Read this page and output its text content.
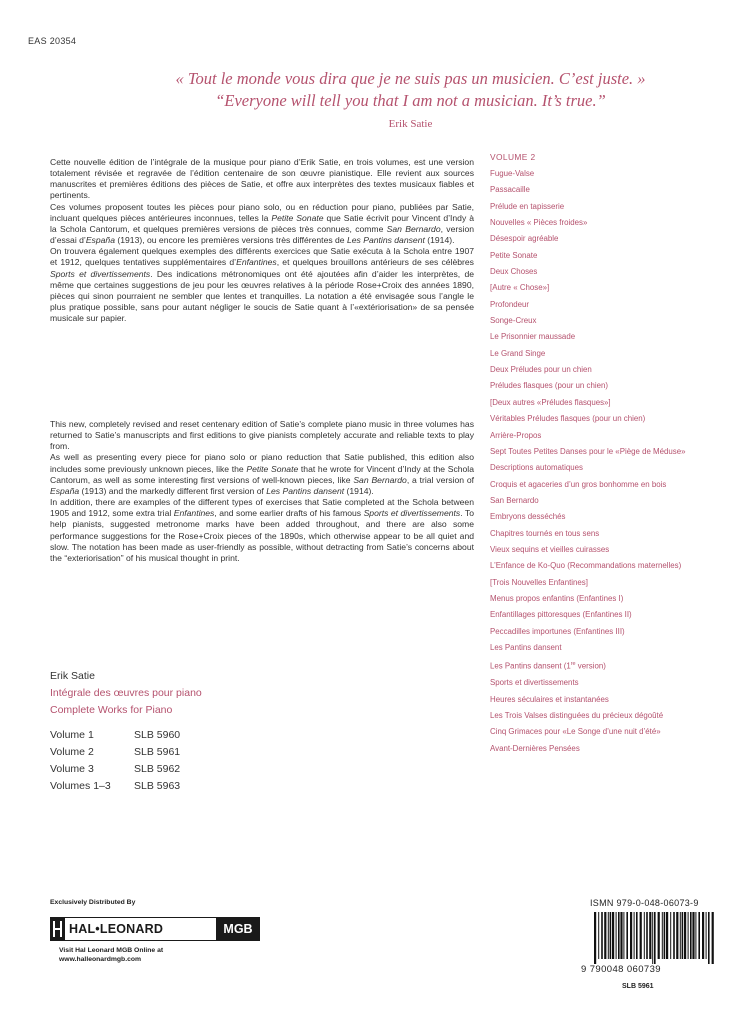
EAS 20354
« Tout le monde vous dira que je ne suis pas un musicien. C’est juste. »
“Everyone will tell you that I am not a musician. It’s true.”
Erik Satie

Cette nouvelle édition de l’intégrale de la musique pour piano d’Erik Satie, en trois volumes, est une version totalement révisée et regravée de l’édition centenaire de son œuvre pianistique. Elle revient aux sources manuscrites et premières éditions des pièces de Satie, et offre aux interprètes des textes musicaux fiables et pertinents.

Ces volumes proposent toutes les pièces pour piano solo, ou en réduction pour piano, publiées par Satie, incluant quelques pièces antérieures inconnues, telles la Petite Sonate que Satie écrivit pour Vincent d’Indy à la Schola Cantorum, et quelques premières versions de pièces très connues, comme San Bernardo, version d’essai d’España (1913), ou encore les premières versions très différentes de Les Pantins dansent (1914).

On trouvera également quelques exemples des différents exercices que Satie exécuta à la Schola entre 1907 et 1912, quelques tentatives supplémentaires d’Enfantines, et quelques brouillons antérieurs de ses célèbres Sports et divertissements. Des indications métronomiques ont été ajoutées afin d’aider les interprètes, de même que certaines suggestions de jeu pour les œuvres relatives à la période Rose+Croix des années 1890, pièces qui sinon pourraient ne sembler que lentes et tranquilles. La notation a été envisagée sous l’angle le plus pratique possible, sans pour autant négliger le soucis de Satie quant à l’«extériorisation» de sa pensée musicale sur papier.

This new, completely revised and reset centenary edition of Satie’s complete piano music in three volumes has returned to Satie’s manuscripts and first editions to give pianists completely accurate and reliable texts to play from.

As well as presenting every piece for piano solo or piano reduction that Satie published, this edition also includes some previously unknown pieces, like the Petite Sonate that he wrote for Vincent d’Indy at the Schola Cantorum, as well as some interesting first versions of well-known pieces, like San Bernardo, a trial version of España (1913) and the markedly different first version of Les Pantins dansent (1914).

In addition, there are examples of the different types of exercises that Satie completed at the Schola between 1905 and 1912, some extra trial Enfantines, and some earlier drafts of his famous Sports et divertissements. To help pianists, suggested metronome marks have been added throughout, and there are also some performance suggestions for the Rose+Croix pieces of the 1890s, which otherwise appear to be all quiet and slow. The notation has been made as user-friendly as possible, without detracting from Satie’s concerns about the “exteriorisation” of his musical thought in print.

Erik Satie
Intégrale des œuvres pour piano
Complete Works for Piano
Volume 1	SLB 5960
Volume 2	SLB 5961
Volume 3	SLB 5962
Volumes 1–3	SLB 5963
VOLUME 2
Fugue-Valse
Passacaille
Prélude en tapisserie
Nouvelles « Pièces froides»
Désespoir agréable
Petite Sonate
Deux Choses
[Autre « Chose»]
Profondeur
Songe-Creux
Le Prisonnier maussade
Le Grand Singe
Deux Préludes pour un chien
Préludes flasques (pour un chien)
[Deux autres «Préludes flasques»]
Véritables Préludes flasques (pour un chien)
Arrière-Propos
Sept Toutes Petites Danses pour le «Piège de Méduse»
Descriptions automatiques
Croquis et agaceries d’un gros bonhomme en bois
San Bernardo
Embryons desséchés
Chapitres tournés en tous sens
Vieux sequins et vieilles cuirasses
L’Enfance de Ko-Quo (Recommandations maternelles)
[Trois Nouvelles Enfantines]
Menus propos enfantins (Enfantines I)
Enfantillages pittoresques (Enfantines II)
Peccadilles importunes (Enfantines III)
Les Pantins dansent
Les Pantins dansent (1re version)
Sports et divertissements
Heures séculaires et instantanées
Les Trois Valses distinguées du précieux dégoûté
Cinq Grimaces pour «Le Songe d’une nuit d’été»
Avant-Dernières Pensées
Exclusively Distributed By
HAL•LEONARD	MGB
Visit Hal Leonard MGB Online at
www.halleonardmgb.com
ISMN 979-0-048-06073-9
9 790048 060739
SLB 5961
